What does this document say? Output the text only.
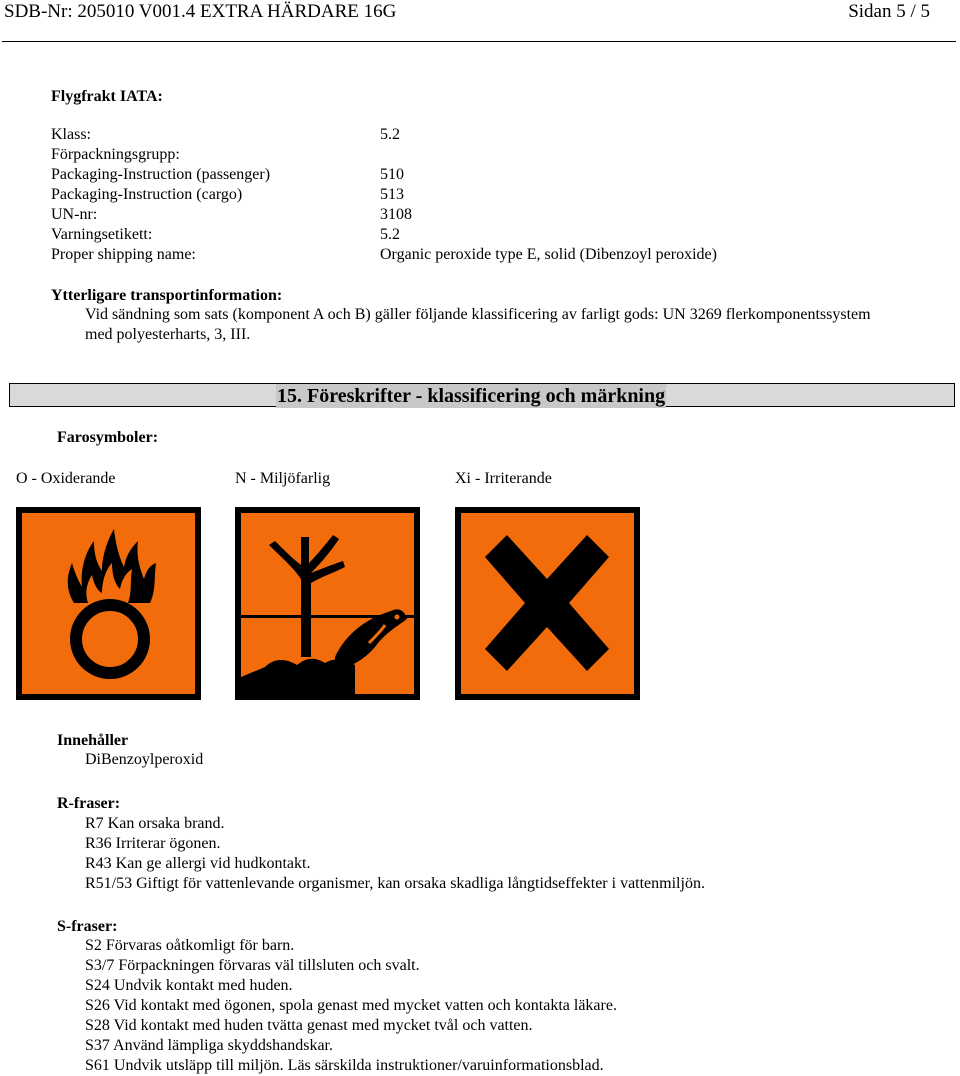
SDB-Nr: 205010 V001.4 EXTRA HÄRDARE 16G	Sidan 5 / 5
Flygfrakt IATA:
Klass:	5.2
Förpackningsgrupp:
Packaging-Instruction (passenger)	510
Packaging-Instruction (cargo)	513
UN-nr:	3108
Varningsetikett:	5.2
Proper shipping name:	Organic peroxide type E, solid (Dibenzoyl peroxide)
Ytterligare transportinformation:
Vid sändning som sats (komponent A och B) gäller följande klassificering av farligt gods: UN 3269 flerkomponentssystem
med polyesterharts, 3, III.
15. Föreskrifter - klassificering och märkning
Farosymboler:
O - Oxiderande	N - Miljöfarlig	Xi - Irriterande
Innehåller
DiBenzoylperoxid
R-fraser:
R7 Kan orsaka brand.
R36 Irriterar ögonen.
R43 Kan ge allergi vid hudkontakt.
R51/53 Giftigt för vattenlevande organismer, kan orsaka skadliga långtidseffekter i vattenmiljön.
S-fraser:
S2 Förvaras oåtkomligt för barn.
S3/7 Förpackningen förvaras väl tillsluten och svalt.
S24 Undvik kontakt med huden.
S26 Vid kontakt med ögonen, spola genast med mycket vatten och kontakta läkare.
S28 Vid kontakt med huden tvätta genast med mycket tvål och vatten.
S37 Använd lämpliga skyddshandskar.
S61 Undvik utsläpp till miljön. Läs särskilda instruktioner/varuinformationsblad.
